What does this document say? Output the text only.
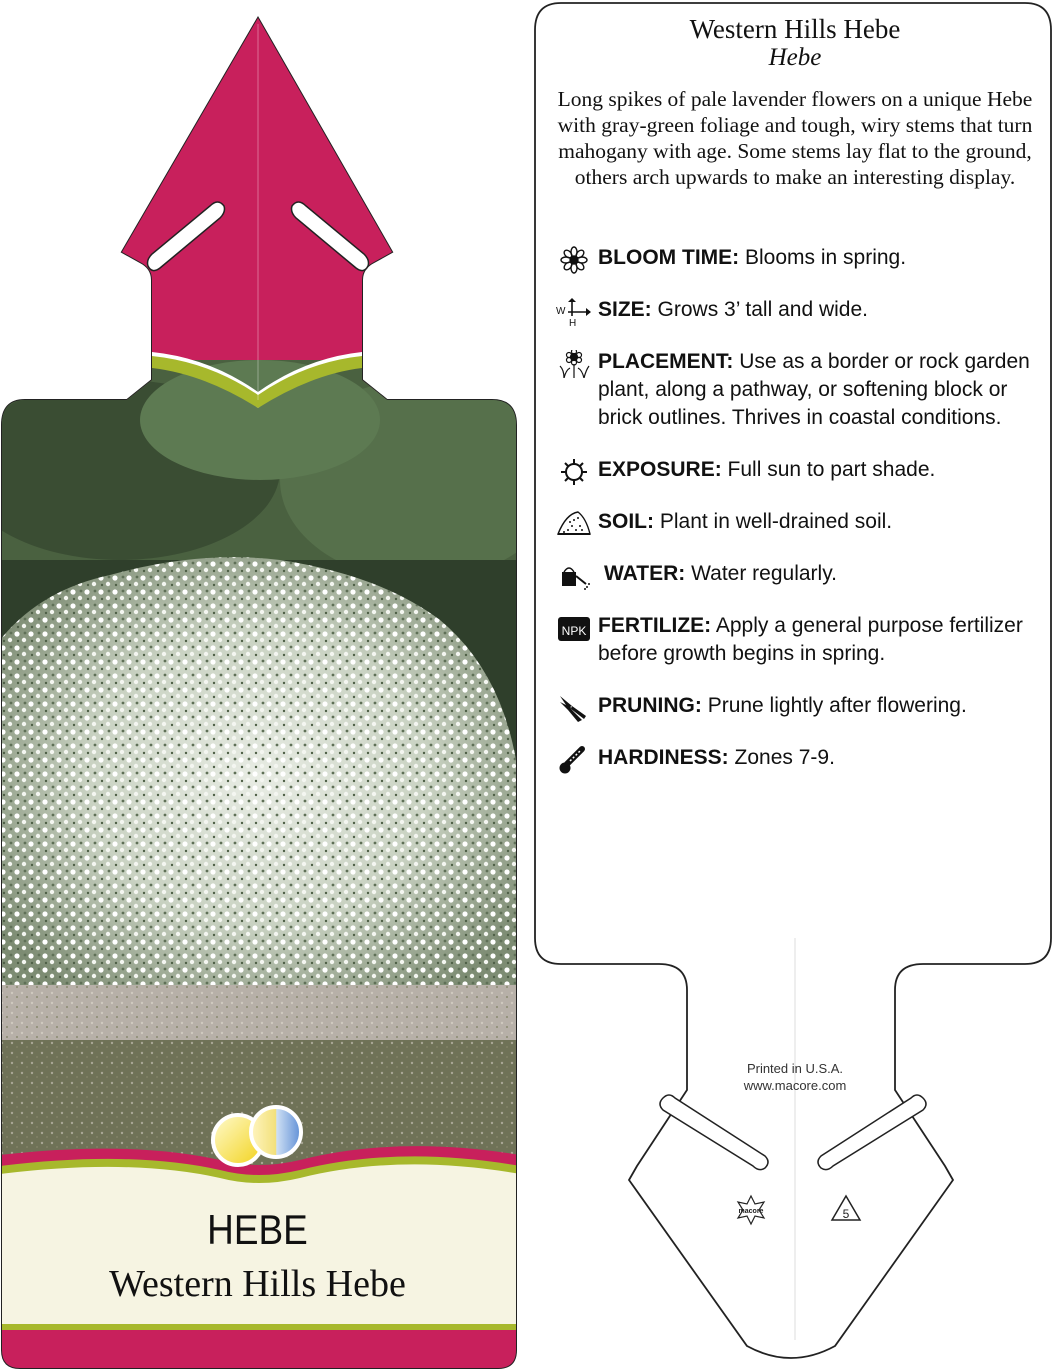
HEBE
Western Hills Hebe
macore	5

Western Hills Hebe

Hebe

Long spikes of pale lavender flowers on a unique Hebe with gray-green foliage and tough, wiry stems that turn mahogany with age. Some stems lay flat to the ground, others arch upwards to make an interesting display.

BLOOM TIME: Blooms in spring.
W
H
SIZE: Grows 3’ tall and wide.
PLACEMENT: Use as a border or rock garden plant, along a pathway, or softening block or brick outlines. Thrives in coastal conditions.
EXPOSURE: Full sun to part shade.
SOIL: Plant in well-drained soil.
WATER: Water regularly.
NPK FERTILIZE: Apply a general purpose fertilizer before growth begins in spring.
PRUNING: Prune lightly after flowering.
HARDINESS: Zones 7-9.
Printed in U.S.A.
www.macore.com
